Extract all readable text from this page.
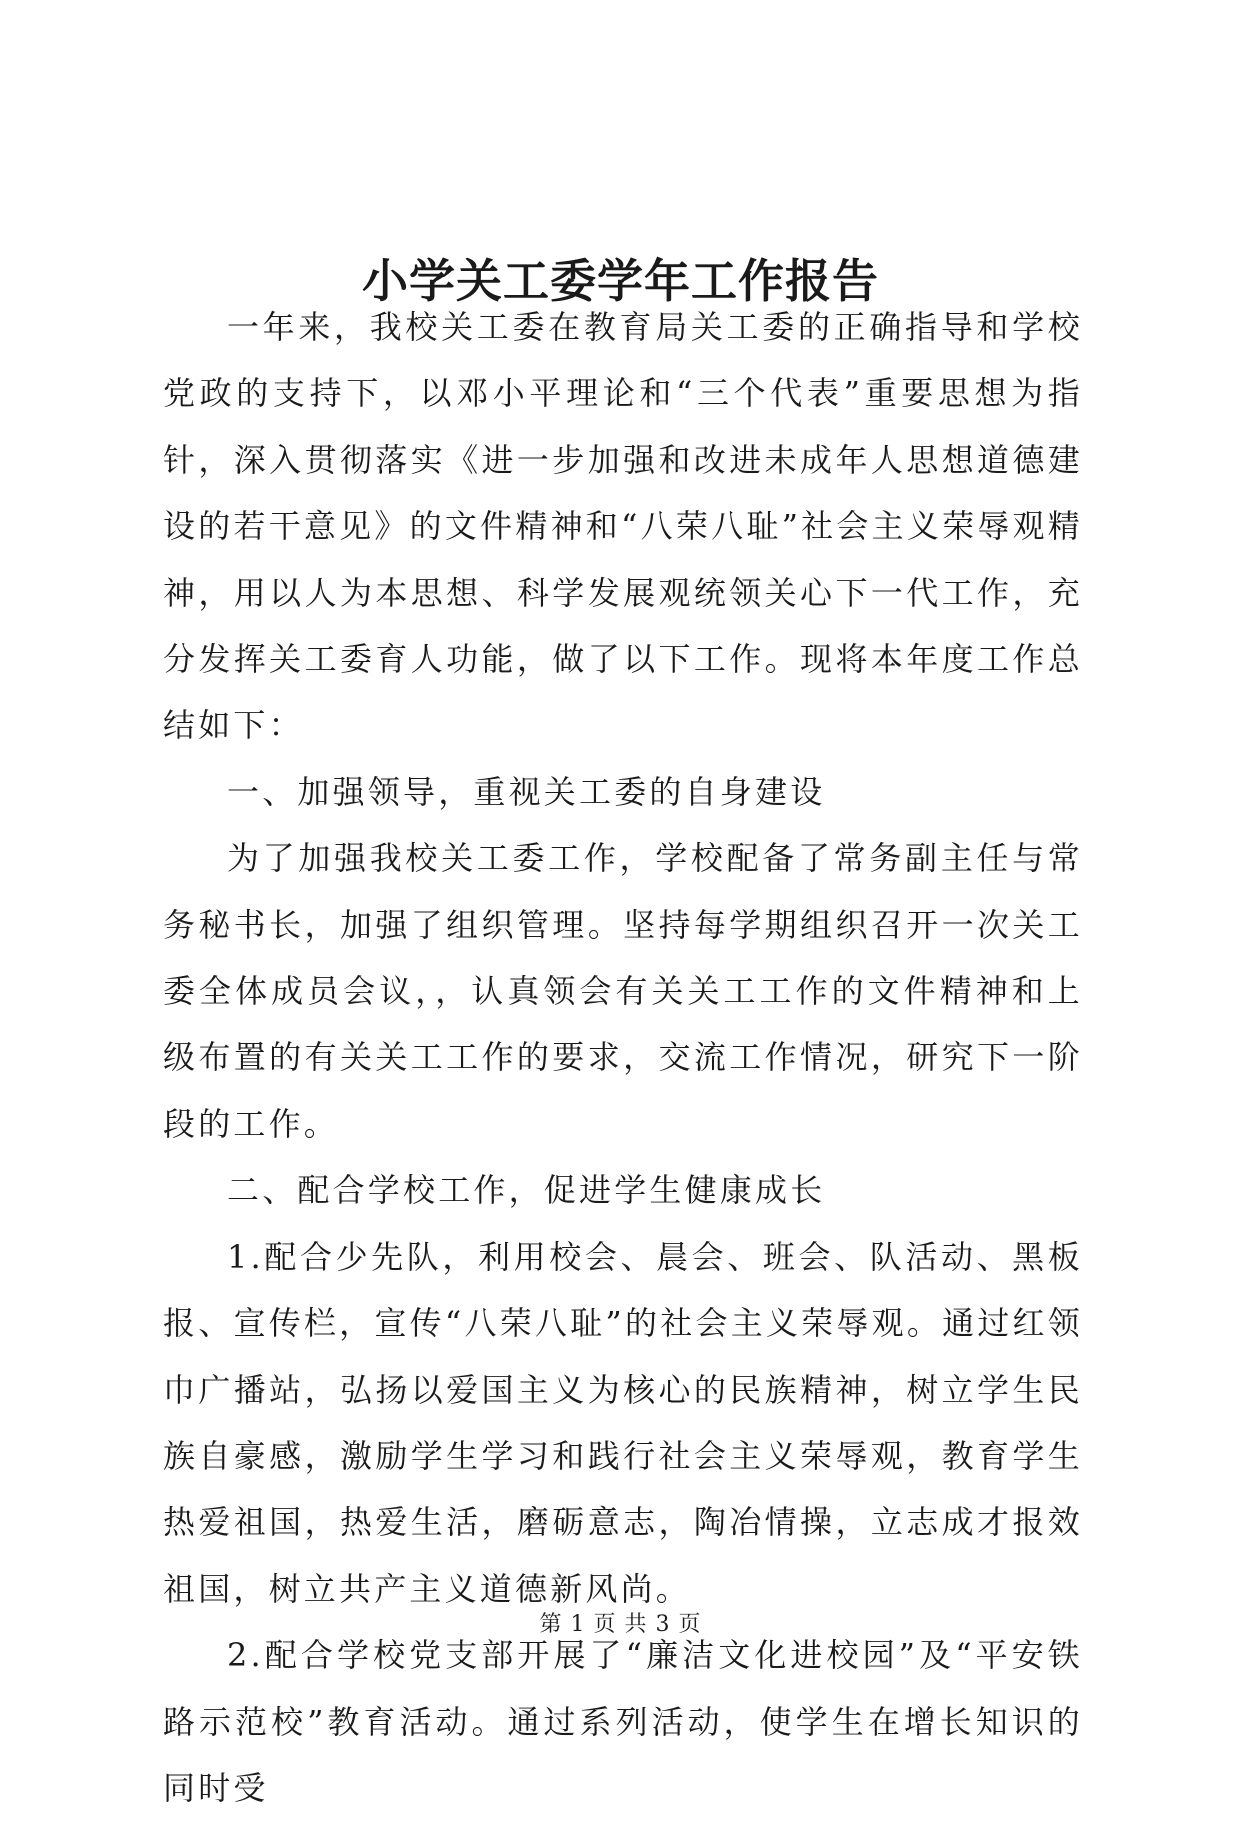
小学关工委学年工作报告

一年来，我校关工委在教育局关工委的正确指导和学校党政的支持下，以邓小平理论和“三个代表”重要思想为指针，深入贯彻落实《进一步加强和改进未成年人思想道德建设的若干意见》的文件精神和“八荣八耻”社会主义荣辱观精神，用以人为本思想、科学发展观统领关心下一代工作，充分发挥关工委育人功能，做了以下工作。现将本年度工作总结如下：

一、加强领导，重视关工委的自身建设

为了加强我校关工委工作，学校配备了常务副主任与常务秘书长，加强了组织管理。坚持每学期组织召开一次关工委全体成员会议，，认真领会有关关工工作的文件精神和上级布置的有关关工工作的要求，交流工作情况，研究下一阶段的工作。

二、配合学校工作，促进学生健康成长

1.配合少先队，利用校会、晨会、班会、队活动、黑板报、宣传栏，宣传“八荣八耻”的社会主义荣辱观。通过红领巾广播站，弘扬以爱国主义为核心的民族精神，树立学生民族自豪感，激励学生学习和践行社会主义荣辱观，教育学生热爱祖国，热爱生活，磨砺意志，陶冶情操，立志成才报效祖国，树立共产主义道德新风尚。

2.配合学校党支部开展了“廉洁文化进校园”及“平安铁路示范校”教育活动。通过系列活动，使学生在增长知识的同时受

第 1 页 共 3 页
